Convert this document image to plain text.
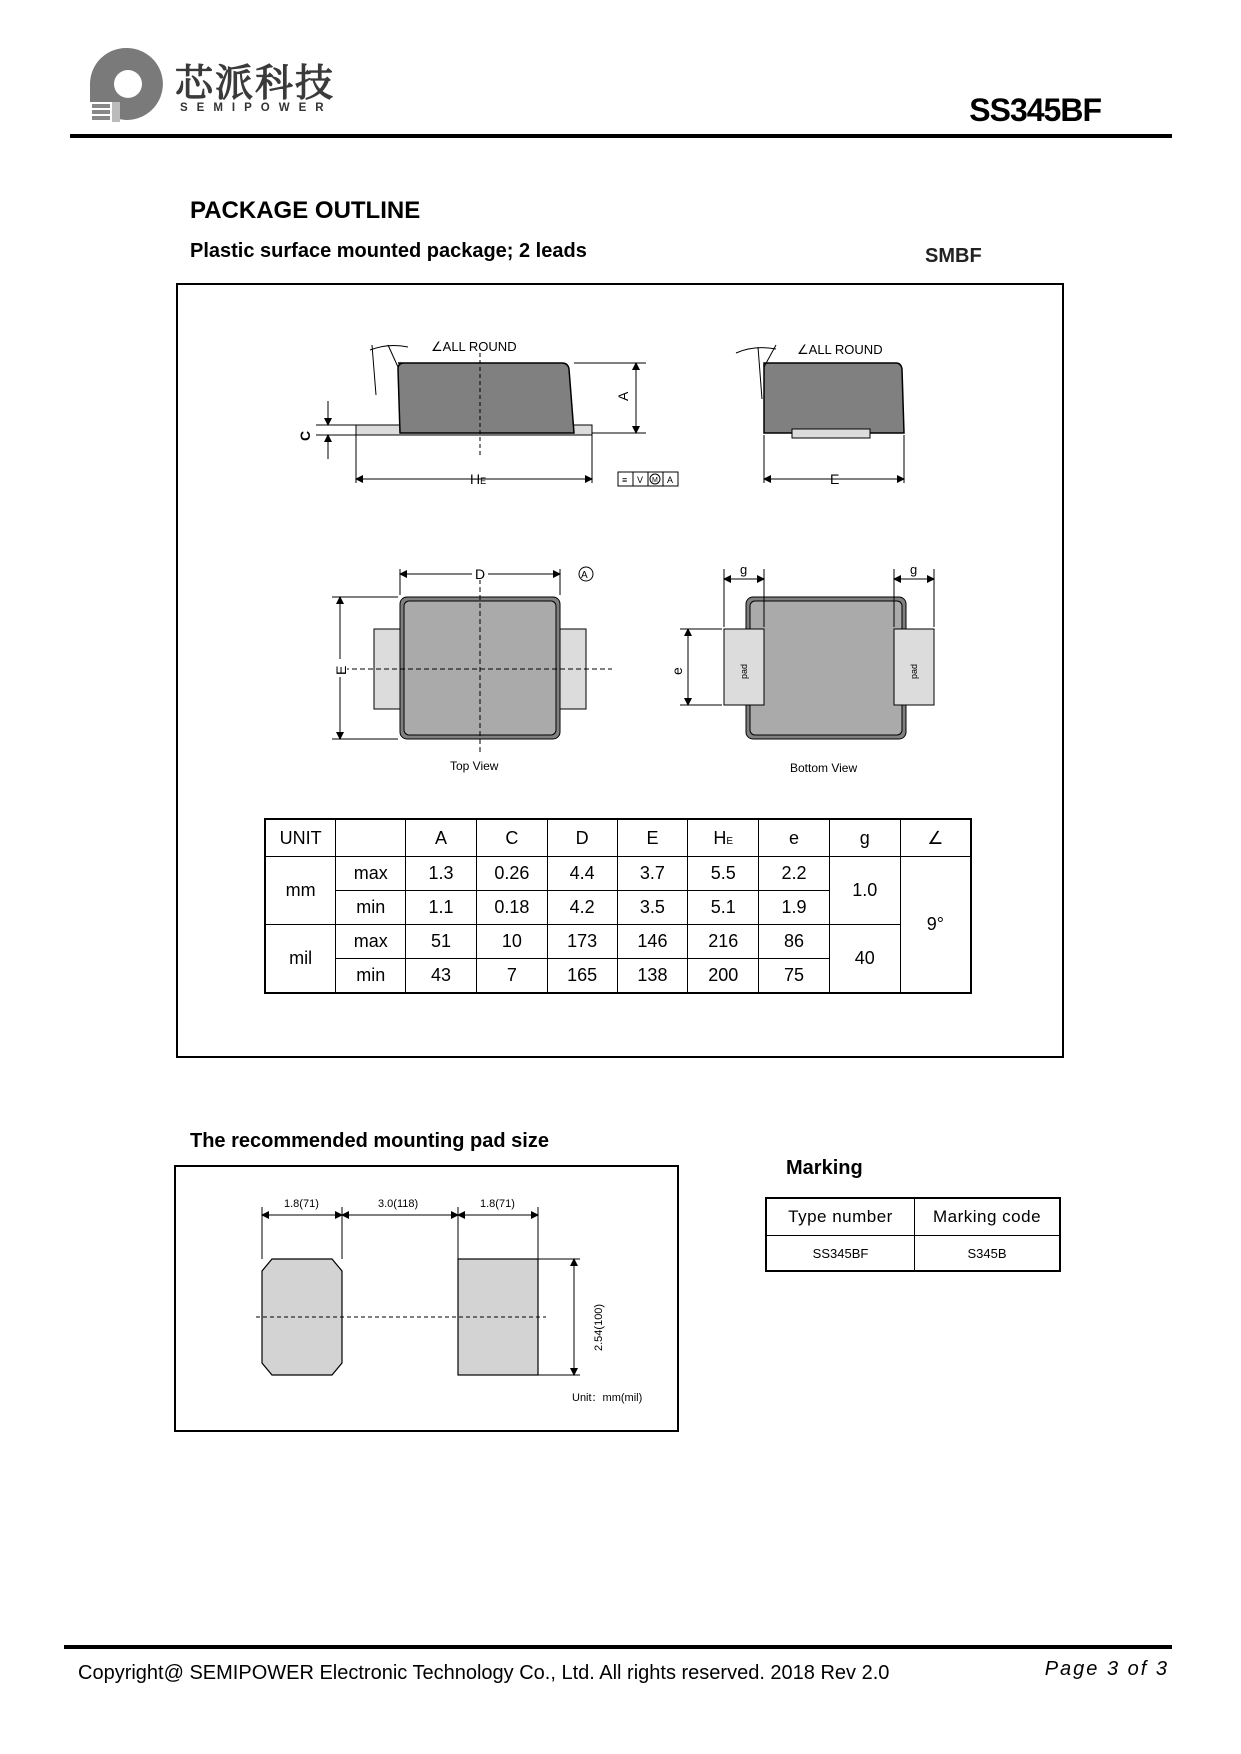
芯派科技
SEMIPOWER	SS345BF
PACKAGE OUTLINE
Plastic surface mounted package; 2 leads	SMBF
∠ALL ROUND
A
C
HE	≡ V M A
∠ALL ROUND
E
D	A
E
Top View
pad	pad
g	g
e
Bottom View
UNIT		A	C	D	E	HE	e	g	∠
mm	max	1.3	0.26	4.4	3.7	5.5	2.2	1.0	9°
	min	1.1	0.18	4.2	3.5	5.1	1.9		
mil	max	51	10	173	146	216	86	40	
	min	43	7	165	138	200	75		
The recommended mounting pad size
1.8(71)	3.0(118)	1.8(71)
2.54(100)
Unit：mm(mil)
Marking
Type number	Marking code
SS345BF	S345B
Copyright@ SEMIPOWER Electronic Technology Co., Ltd. All rights reserved. 2018 Rev 2.0	Page 3 of 3
